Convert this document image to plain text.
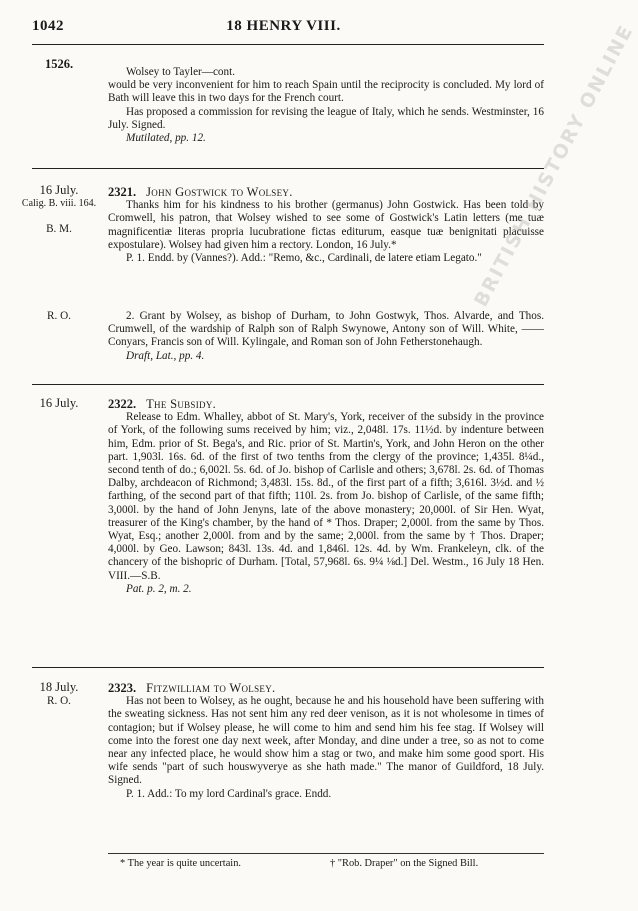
1042	18 HENRY VIII.
1526.

Wolsey to Tayler—cont.

would be very inconvenient for him to reach Spain until the reciprocity is concluded. My lord of Bath will leave this in two days for the French court.

Has proposed a commission for revising the league of Italy, which he sends. Westminster, 16 July. Signed.

Mutilated, pp. 12.

16 July.
Calig. B. viii. 164.
B. M.

2321. John Gostwick to Wolsey.

Thanks him for his kindness to his brother (germanus) John Gostwick. Has been told by Cromwell, his patron, that Wolsey wished to see some of Gostwick's Latin letters (me tuæ magnificentiæ literas propria lucubratione fictas editurum, easque tuæ benignitati placuisse expostulare). Wolsey had given him a rectory. London, 16 July.*

P. 1. Endd. by (Vannes?). Add.: "Remo, &c., Cardinali, de latere etiam Legato."

R. O.	2. Grant by Wolsey, as bishop of Durham, to John Gostwyk, Thos. Alvarde, and Thos. Crumwell, of the wardship of Ralph son of Ralph Swynowe, Antony son of Will. White, —— Conyars, Francis son of Will. Kylingale, and Roman son of John Fetherstonehaugh.

Draft, Lat., pp. 4.

16 July.	2322. The Subsidy.

Release to Edm. Whalley, abbot of St. Mary's, York, receiver of the subsidy in the province of York, of the following sums received by him; viz., 2,048l. 17s. 11½d. by indenture between him, Edm. prior of St. Bega's, and Ric. prior of St. Martin's, York, and John Heron on the other part. 1,903l. 16s. 6d. of the first of two tenths from the clergy of the province; 1,435l. 8¼d., second tenth of do.; 6,002l. 5s. 6d. of Jo. bishop of Carlisle and others; 3,678l. 2s. 6d. of Thomas Dalby, archdeacon of Richmond; 3,483l. 15s. 8d., of the first part of a fifth; 3,616l. 3½d. and ½ farthing, of the second part of that fifth; 110l. 2s. from Jo. bishop of Carlisle, of the same fifth; 3,000l. by the hand of John Jenyns, late of the above monastery; 20,000l. of Sir Hen. Wyat, treasurer of the King's chamber, by the hand of * Thos. Draper; 2,000l. from the same by Thos. Wyat, Esq.; another 2,000l. from and by the same; 2,000l. from the same by † Thos. Draper; 4,000l. by Geo. Lawson; 843l. 13s. 4d. and 1,846l. 12s. 4d. by Wm. Frankeleyn, clk. of the chancery of the bishopric of Durham. [Total, 57,968l. 6s. 9¼ ⅛d.] Del. Westm., 16 July 18 Hen. VIII.—S.B.

Pat. p. 2, m. 2.

18 July.
R. O.

2323. Fitzwilliam to Wolsey.

Has not been to Wolsey, as he ought, because he and his household have been suffering with the sweating sickness. Has not sent him any red deer venison, as it is not wholesome in times of contagion; but if Wolsey please, he will come to him and send him his fee stag. If Wolsey will come into the forest one day next week, after Monday, and dine under a tree, so as not to come near any infected place, he would show him a stag or two, and make him some good sport. His wife sends "part of such houswyverye as she hath made." The manor of Guildford, 18 July. Signed.

P. 1. Add.: To my lord Cardinal's grace. Endd.

* The year is quite uncertain.	† "Rob. Draper" on the Signed Bill.
BRITISH HISTORY ONLINE
